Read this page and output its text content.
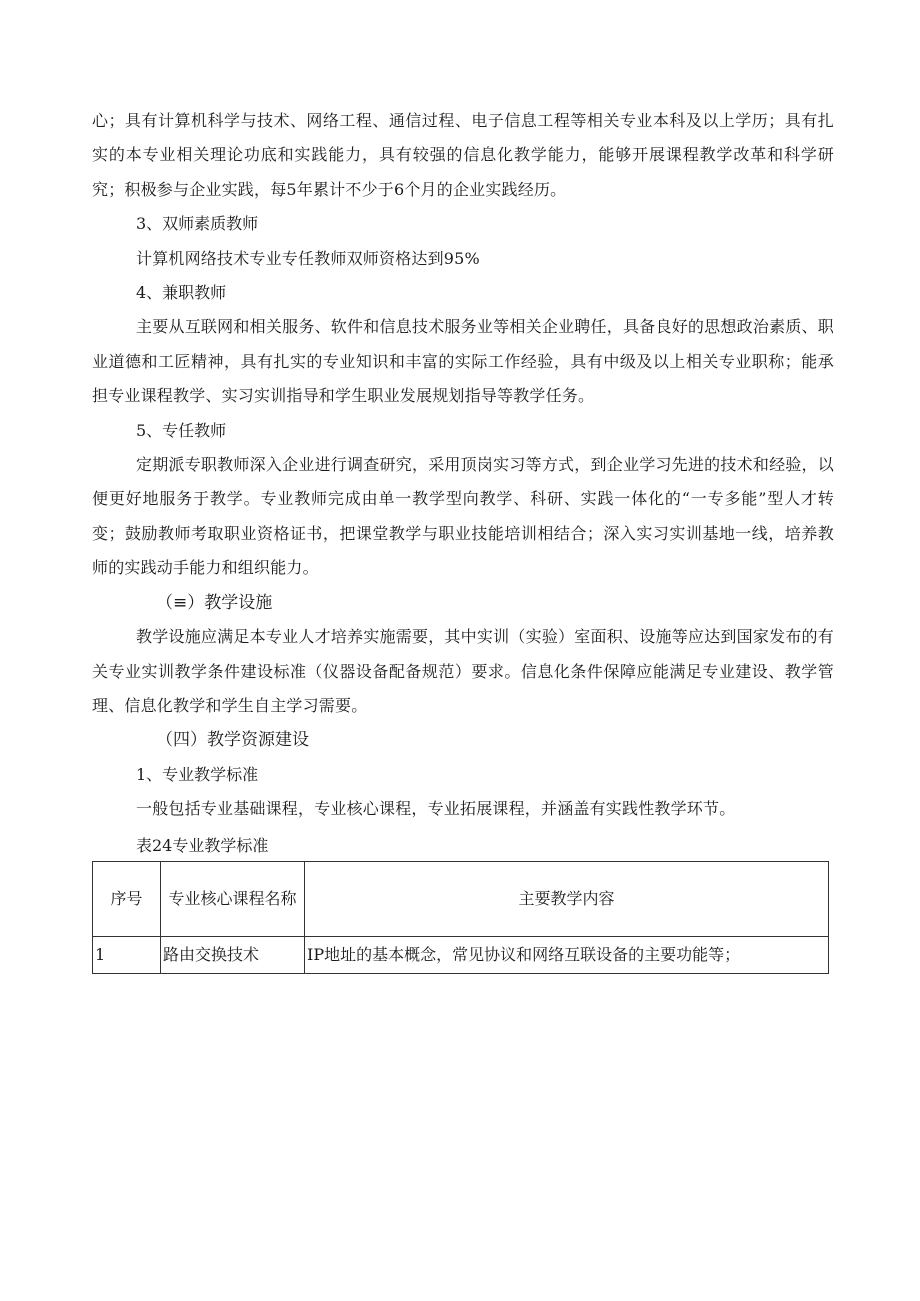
心；具有计算机科学与技术、网络工程、通信过程、电子信息工程等相关专业本科及以上学历；具有扎实的本专业相关理论功底和实践能力，具有较强的信息化教学能力，能够开展课程教学改革和科学研究；积极参与企业实践，每5年累计不少于6个月的企业实践经历。

3、双师素质教师

计算机网络技术专业专任教师双师资格达到95%

4、兼职教师

主要从互联网和相关服务、软件和信息技术服务业等相关企业聘任，具备良好的思想政治素质、职业道德和工匠精神，具有扎实的专业知识和丰富的实际工作经验，具有中级及以上相关专业职称；能承担专业课程教学、实习实训指导和学生职业发展规划指导等教学任务。

5、专任教师

定期派专职教师深入企业进行调查研究，采用顶岗实习等方式，到企业学习先进的技术和经验，以便更好地服务于教学。专业教师完成由单一教学型向教学、科研、实践一体化的“一专多能”型人才转变；鼓励教师考取职业资格证书，把课堂教学与职业技能培训相结合；深入实习实训基地一线，培养教师的实践动手能力和组织能力。

（≡）教学设施

教学设施应满足本专业人才培养实施需要，其中实训（实验）室面积、设施等应达到国家发布的有关专业实训教学条件建设标准（仪器设备配备规范）要求。信息化条件保障应能满足专业建设、教学管理、信息化教学和学生自主学习需要。

（四）教学资源建设

1、专业教学标准

一般包括专业基础课程，专业核心课程，专业拓展课程，并涵盖有实践性教学环节。

表24专业教学标准

序号	专业核心课程名称	主要教学内容
1	路由交换技术	IP地址的基本概念，常见协议和网络互联设备的主要功能等；
